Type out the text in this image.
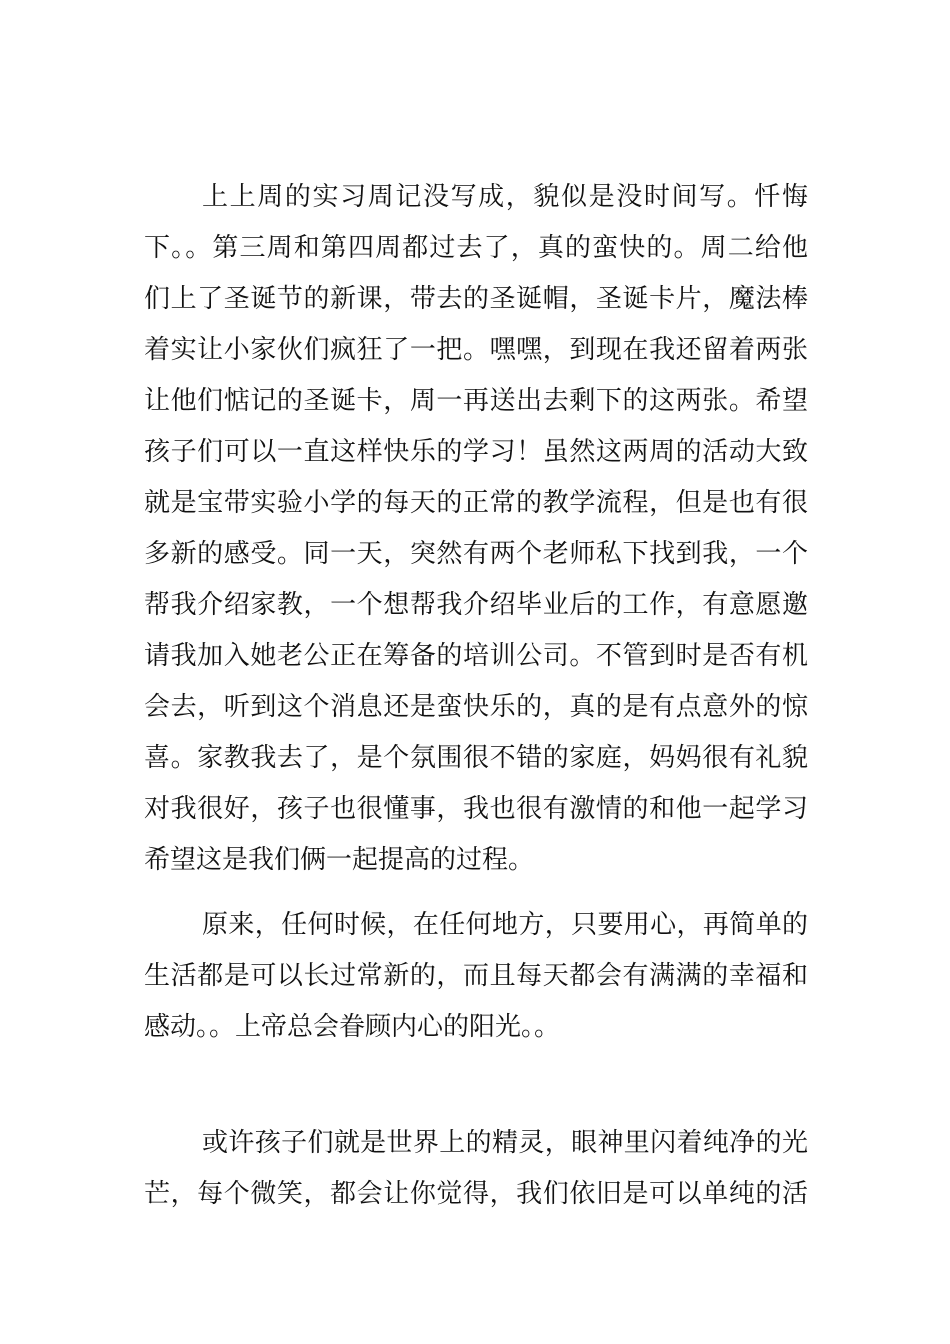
上上周的实习周记没写成，貌似是没时间写。忏悔
下。。第三周和第四周都过去了，真的蛮快的。周二给他
们上了圣诞节的新课，带去的圣诞帽，圣诞卡片，魔法棒
着实让小家伙们疯狂了一把。嘿嘿，到现在我还留着两张
让他们惦记的圣诞卡，周一再送出去剩下的这两张。希望
孩子们可以一直这样快乐的学习！虽然这两周的活动大致
就是宝带实验小学的每天的正常的教学流程，但是也有很
多新的感受。同一天，突然有两个老师私下找到我，一个
帮我介绍家教，一个想帮我介绍毕业后的工作，有意愿邀
请我加入她老公正在筹备的培训公司。不管到时是否有机
会去，听到这个消息还是蛮快乐的，真的是有点意外的惊
喜。家教我去了，是个氛围很不错的家庭，妈妈很有礼貌
对我很好，孩子也很懂事，我也很有激情的和他一起学习
希望这是我们俩一起提高的过程。
原来，任何时候，在任何地方，只要用心，再简单的
生活都是可以长过常新的，而且每天都会有满满的幸福和
感动。。上帝总会眷顾内心的阳光。。
或许孩子们就是世界上的精灵，眼神里闪着纯净的光
芒，每个微笑，都会让你觉得，我们依旧是可以单纯的活
